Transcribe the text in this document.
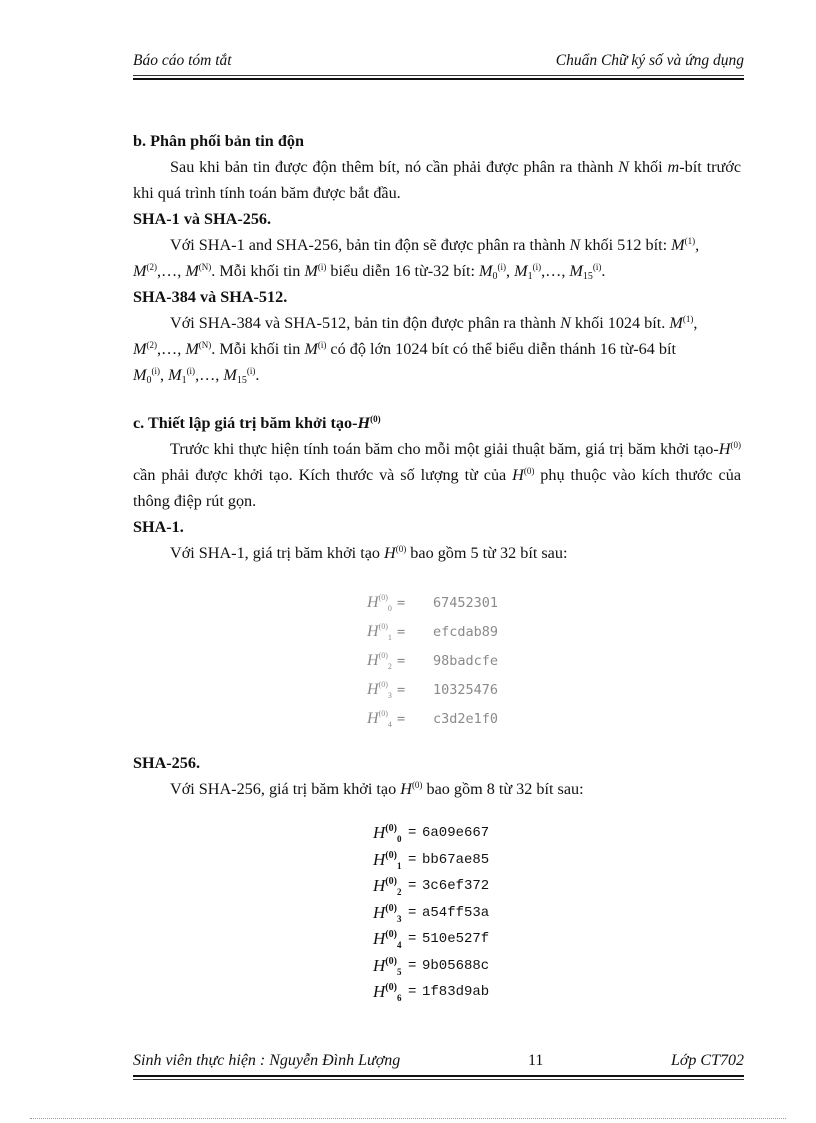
Báo cáo tóm tắt	Chuẩn Chữ ký số và ứng dụng

b. Phân phối bản tin độn

Sau khi bản tin được độn thêm bít, nó cần phải được phân ra thành N khối m-bít trước khi quá trình tính toán băm được bắt đầu.

SHA-1 và SHA-256.

Với SHA-1 and SHA-256, bản tin độn sẽ được phân ra thành N khối 512 bít: $M^{(1)}$,
$M^{(2)},\dots$, $M^{(N)}$. Mỗi khối tin $M^{(i)}$ biểu diễn 16 từ-32 bít: $M_0^{(i)}$, $M_1^{(i)},\dots$, $M_{15}^{(i)}$.

SHA-384 và SHA-512.

Với SHA-384 và SHA-512, bản tin độn được phân ra thành N khối 1024 bít. $M^{(1)}$,
$M^{(2)},\dots$, $M^{(N)}$. Mỗi khối tin $M^{(i)}$ có độ lớn 1024 bít có thể biểu diễn thánh 16 từ-64 bít
$M_0^{(i)}$, $M_1^{(i)},\dots$, $M_{15}^{(i)}$.

c. Thiết lập giá trị băm khởi tạo-$H^{(0)}$

Trước khi thực hiện tính toán băm cho mỗi một giải thuật băm, giá trị băm khởi tạo-$H^{(0)}$ cần phải được khởi tạo. Kích thước và số lượng từ của $H^{(0)}$ phụ thuộc vào kích thước của thông điệp rút gọn.

SHA-1.

Với SHA-1, giá trị băm khởi tạo $H^{(0)}$ bao gồm 5 từ 32 bít sau:

$H^{(0)}_0$ =	67452301
$H^{(0)}_1$ =	efcdab89
$H^{(0)}_2$ =	98badcfe
$H^{(0)}_3$ =	10325476
$H^{(0)}_4$ =	c3d2e1f0

SHA-256.

Với SHA-256, giá trị băm khởi tạo $H^{(0)}$ bao gồm 8 từ 32 bít sau:

$H^{(0)}_0 = 6a09e667$
$H^{(0)}_1 = bb67ae85$
$H^{(0)}_2 = 3c6ef372$
$H^{(0)}_3 = a54ff53a$
$H^{(0)}_4 = 510e527f$
$H^{(0)}_5 = 9b05688c$
$H^{(0)}_6 = 1f83d9ab$
Sinh viên thực hiện : Nguyễn Đình Lượng	11	Lớp CT702
